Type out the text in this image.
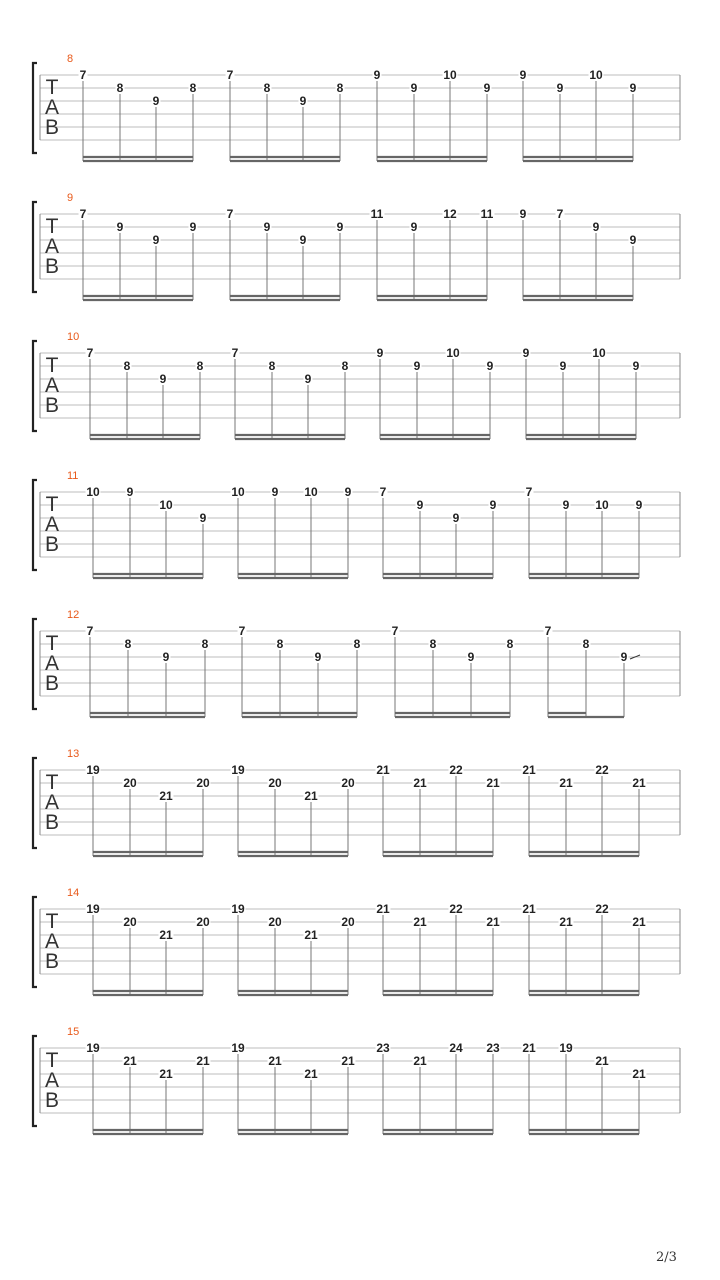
8
T
A
B
7
8
9
8
7
8
9
8
9
9
10
9
9
9
10
9
9
T
A
B
7
9
9
9
7
9
9
9
11
9
12 11 9	7
9
9
10
T
A
B
7
8
9
8
7
8
9
8
9
9
10
9
9
9
10
9
11
T
A
B
10 9
10
9
10 9 10 9 7
9
9
9
7
9 10 9
12
T
A
B
7
8
9
8
7
8
9
8
7
8
9
8
7
8
9
13
T
A
B
19
20
21
20
19
20
21
20
21
21
22
21
21
21
22
21
14
T
A
B
19
20
21
20
19
20
21
20
21
21
22
21
21
21
22
21
15
T
A
B
19
21
21
21
19
21
21
21
23
21
24 23 21 19
21
21
2/3
